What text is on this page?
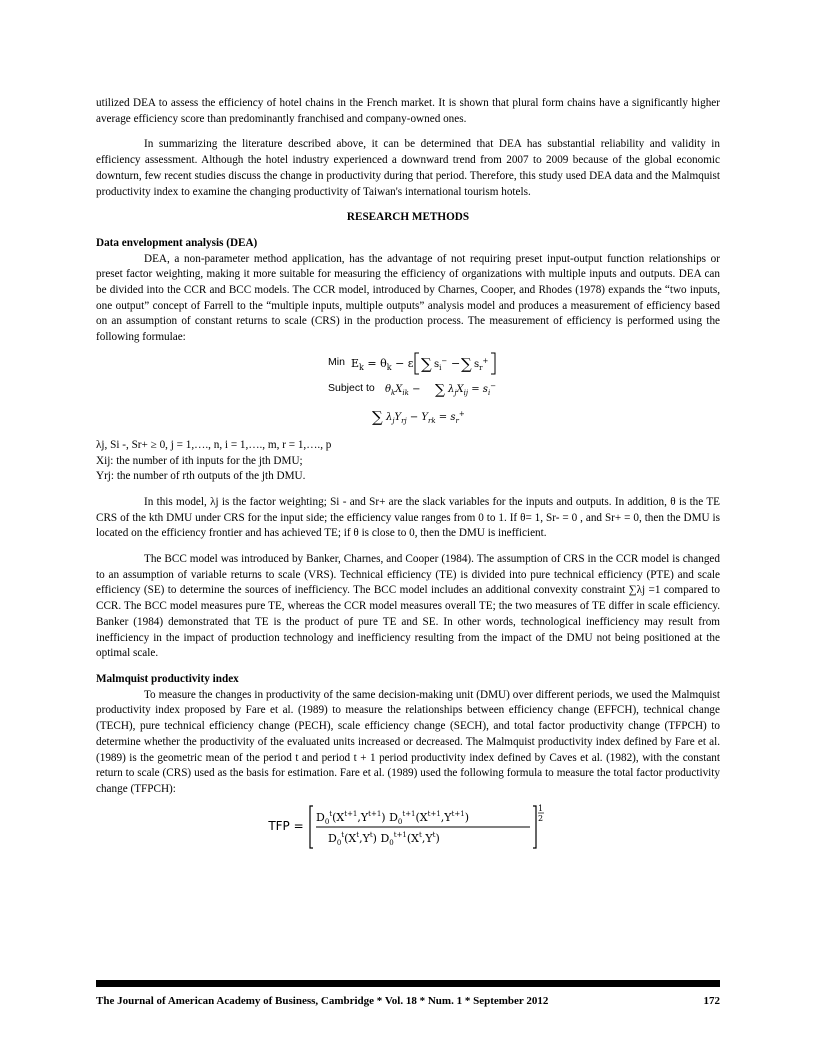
utilized DEA to assess the efficiency of hotel chains in the French market. It is shown that plural form chains have a significantly higher average efficiency score than predominantly franchised and company-owned ones.

In summarizing the literature described above, it can be determined that DEA has substantial reliability and validity in efficiency assessment. Although the hotel industry experienced a downward trend from 2007 to 2009 because of the global economic downturn, few recent studies discuss the change in productivity during that period. Therefore, this study used DEA data and the Malmquist productivity index to examine the changing productivity of Taiwan's international tourism hotels.

RESEARCH METHODS

Data envelopment analysis (DEA)

DEA, a non-parameter method application, has the advantage of not requiring preset input-output function relationships or preset factor weighting, making it more suitable for measuring the efficiency of organizations with multiple inputs and outputs. DEA can be divided into the CCR and BCC models. The CCR model, introduced by Charnes, Cooper, and Rhodes (1978) expands the “two inputs, one output” concept of Farrell to the “multiple inputs, multiple outputs” analysis model and produces a measurement of efficiency based on an assumption of constant returns to scale (CRS) in the production process. The measurement of efficiency is performed using the following formulae:

Min $E_k = \theta_k - \varepsilon$ ∑ $s_i^-$ − ∑ $s_r^+$
Subject to $\theta_kX_{ik}$ − ∑ $\lambda_jX_{ij} = s_i^-$
∑ $\lambda_jY_{rj} - Y_{rk} = s_r^+$

λj, Si -, Sr+ ≥ 0, j = 1,…., n, i = 1,…., m, r = 1,…., p

Xij: the number of ith inputs for the jth DMU;

Yrj: the number of rth outputs of the jth DMU.

In this model, λj is the factor weighting; Si - and Sr+ are the slack variables for the inputs and outputs. In addition, θ is the TE CRS of the kth DMU under CRS for the input side; the efficiency value ranges from 0 to 1. If θ= 1, Sr- = 0 , and Sr+ = 0, then the DMU is located on the efficiency frontier and has achieved TE; if θ is close to 0, then the DMU is inefficient.

The BCC model was introduced by Banker, Charnes, and Cooper (1984). The assumption of CRS in the CCR model is changed to an assumption of variable returns to scale (VRS). Technical efficiency (TE) is divided into pure technical efficiency (PTE) and scale efficiency (SE) to determine the sources of inefficiency. The BCC model includes an additional convexity constraint ∑λj =1 compared to CCR. The BCC model measures pure TE, whereas the CCR model measures overall TE; the two measures of TE differ in scale efficiency. Banker (1984) demonstrated that TE is the product of pure TE and SE. In other words, technological inefficiency may result from inefficiency in the impact of production technology and inefficiency resulting from the impact of the DMU not being positioned at the optimal scale.

Malmquist productivity index

To measure the changes in productivity of the same decision-making unit (DMU) over different periods, we used the Malmquist productivity index proposed by Fare et al. (1989) to measure the relationships between efficiency change (EFFCH), technical change (TECH), pure technical efficiency change (PECH), scale efficiency change (SECH), and total factor productivity change (TFPCH) to determine whether the productivity of the evaluated units increased or decreased. The Malmquist productivity index defined by Fare et al. (1989) is the geometric mean of the period t and period t + 1 period productivity index defined by Caves et al. (1982), with the constant return to scale (CRS) used as the basis for estimation. Fare et al. (1989) used the following formula to measure the total factor productivity change (TFPCH):

TFP =
$D_0^t(X^{t+1},Y^{t+1})$ $D_0^{t+1}(X^{t+1},Y^{t+1})$
$D_0^t(X^t,Y^t)$ $D_0^{t+1}(X^t,Y^t)$
1
2
The Journal of American Academy of Business, Cambridge * Vol. 18 * Num. 1 * September 2012	172
